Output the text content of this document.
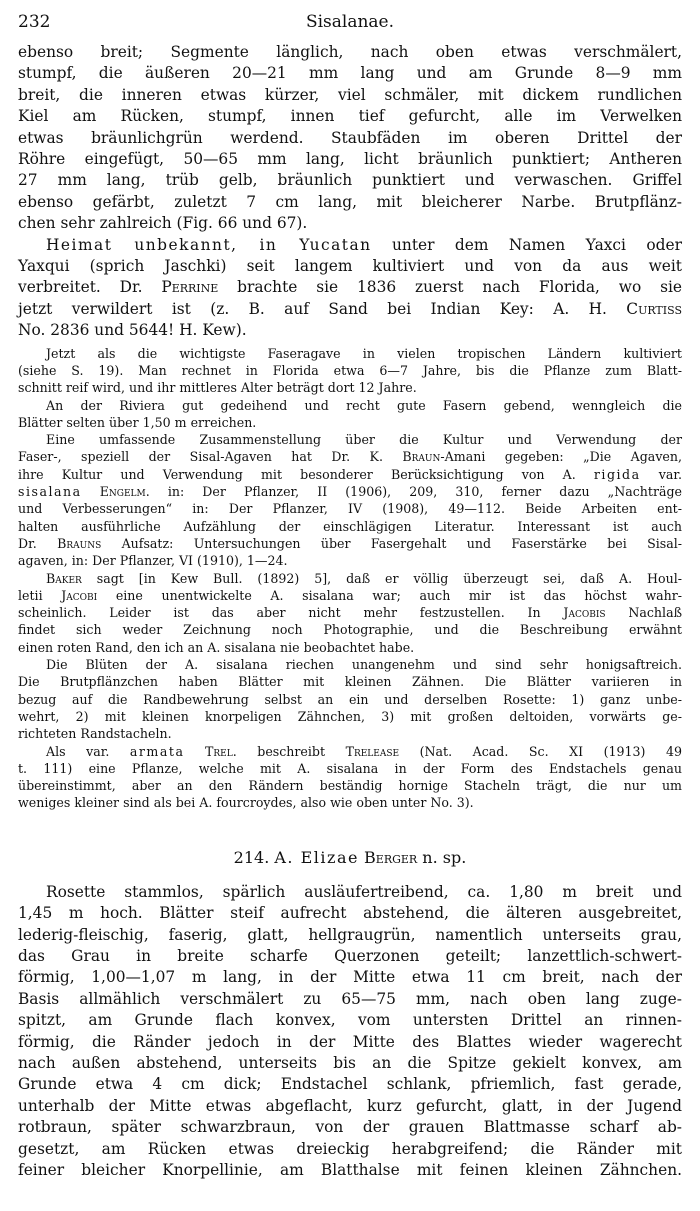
232	Sisalanae.

ebenso breit; Segmente länglich, nach oben etwas verschmälert,

stumpf, die äußeren 20—21 mm lang und am Grunde 8—9 mm

breit, die inneren etwas kürzer, viel schmäler, mit dickem rundlichen

Kiel am Rücken, stumpf, innen tief gefurcht, alle im Verwelken

etwas bräunlichgrün werdend. Staubfäden im oberen Drittel der

Röhre eingefügt, 50—65 mm lang, licht bräunlich punktiert; Antheren

27 mm lang, trüb gelb, bräunlich punktiert und verwaschen. Griffel

ebenso gefärbt, zuletzt 7 cm lang, mit bleicherer Narbe. Brutpflänz-

chen sehr zahlreich (Fig. 66 und 67).

Heimat unbekannt, in Yucatan unter dem Namen Yaxci oder

Yaxqui (sprich Jaschki) seit langem kultiviert und von da aus weit

verbreitet. Dr. Perrine brachte sie 1836 zuerst nach Florida, wo sie

jetzt verwildert ist (z. B. auf Sand bei Indian Key: A. H. Curtiss

No. 2836 und 5644! H. Kew).

Jetzt als die wichtigste Faseragave in vielen tropischen Ländern kultiviert

(siehe S. 19). Man rechnet in Florida etwa 6—7 Jahre, bis die Pflanze zum Blatt-

schnitt reif wird, und ihr mittleres Alter beträgt dort 12 Jahre.

An der Riviera gut gedeihend und recht gute Fasern gebend, wenngleich die

Blätter selten über 1,50 m erreichen.

Eine umfassende Zusammenstellung über die Kultur und Verwendung der

Faser-, speziell der Sisal-Agaven hat Dr. K. Braun-Amani gegeben: „Die Agaven,

ihre Kultur und Verwendung mit besonderer Berücksichtigung von A. rigida var.

sisalana Engelm. in: Der Pflanzer, II (1906), 209, 310, ferner dazu „Nachträge

und Verbesserungen“ in: Der Pflanzer, IV (1908), 49—112. Beide Arbeiten ent-

halten ausführliche Aufzählung der einschlägigen Literatur. Interessant ist auch

Dr. Brauns Aufsatz: Untersuchungen über Fasergehalt und Faserstärke bei Sisal-

agaven, in: Der Pflanzer, VI (1910), 1—24.

Baker sagt [in Kew Bull. (1892) 5], daß er völlig überzeugt sei, daß A. Houl-

letii Jacobi eine unentwickelte A. sisalana war; auch mir ist das höchst wahr-

scheinlich. Leider ist das aber nicht mehr festzustellen. In Jacobis Nachlaß

findet sich weder Zeichnung noch Photographie, und die Beschreibung erwähnt

einen roten Rand, den ich an A. sisalana nie beobachtet habe.

Die Blüten der A. sisalana riechen unangenehm und sind sehr honigsaftreich.

Die Brutpflänzchen haben Blätter mit kleinen Zähnen. Die Blätter variieren in

bezug auf die Randbewehrung selbst an ein und derselben Rosette: 1) ganz unbe-

wehrt, 2) mit kleinen knorpeligen Zähnchen, 3) mit großen deltoiden, vorwärts ge-

richteten Randstacheln.

Als var. armata Trel. beschreibt Trelease (Nat. Acad. Sc. XI (1913) 49

t. 111) eine Pflanze, welche mit A. sisalana in der Form des Endstachels genau

übereinstimmt, aber an den Rändern beständig hornige Stacheln trägt, die nur um

weniges kleiner sind als bei A. fourcroydes, also wie oben unter No. 3).

214. A. Elizae Berger n. sp.

Rosette stammlos, spärlich ausläufertreibend, ca. 1,80 m breit und

1,45 m hoch. Blätter steif aufrecht abstehend, die älteren ausgebreitet,

lederig-fleischig, faserig, glatt, hellgraugrün, namentlich unterseits grau,

das Grau in breite scharfe Querzonen geteilt; lanzettlich-schwert-

förmig, 1,00—1,07 m lang, in der Mitte etwa 11 cm breit, nach der

Basis allmählich verschmälert zu 65—75 mm, nach oben lang zuge-

spitzt, am Grunde flach konvex, vom untersten Drittel an rinnen-

förmig, die Ränder jedoch in der Mitte des Blattes wieder wagerecht

nach außen abstehend, unterseits bis an die Spitze gekielt konvex, am

Grunde etwa 4 cm dick; Endstachel schlank, pfriemlich, fast gerade,

unterhalb der Mitte etwas abgeflacht, kurz gefurcht, glatt, in der Jugend

rotbraun, später schwarzbraun, von der grauen Blattmasse scharf ab-

gesetzt, am Rücken etwas dreieckig herabgreifend; die Ränder mit

feiner bleicher Knorpellinie, am Blatthalse mit feinen kleinen Zähnchen.
